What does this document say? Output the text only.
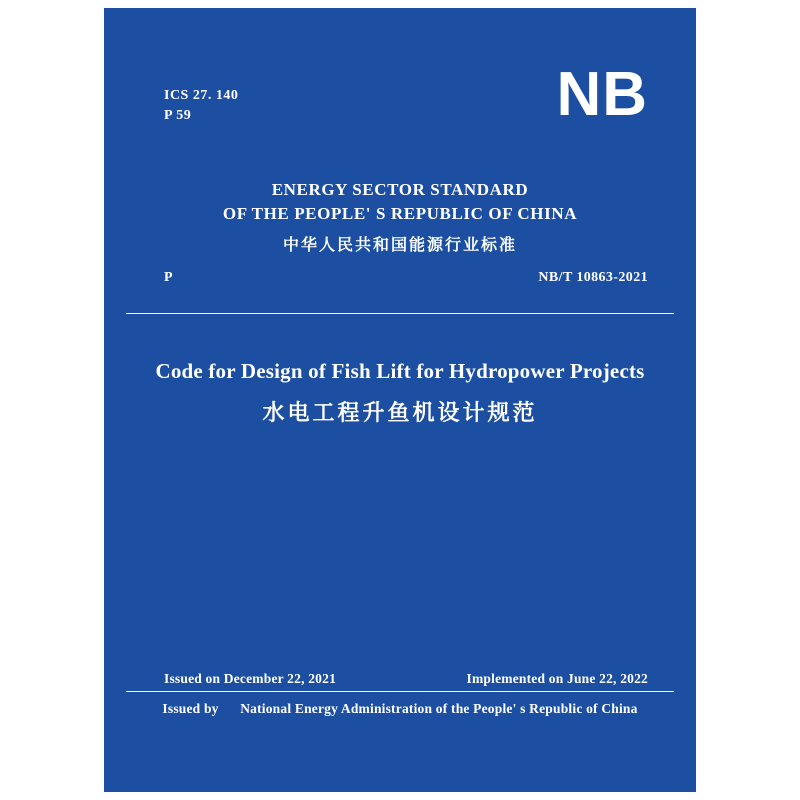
ICS 27. 140
P 59	NB
ENERGY SECTOR STANDARD
OF THE PEOPLE' S REPUBLIC OF CHINA
中华人民共和国能源行业标准
P	NB/T 10863-2021
Code for Design of Fish Lift for Hydropower Projects
水电工程升鱼机设计规范
Issued on December 22, 2021	Implemented on June 22, 2022
Issued by National Energy Administration of the People' s Republic of China
